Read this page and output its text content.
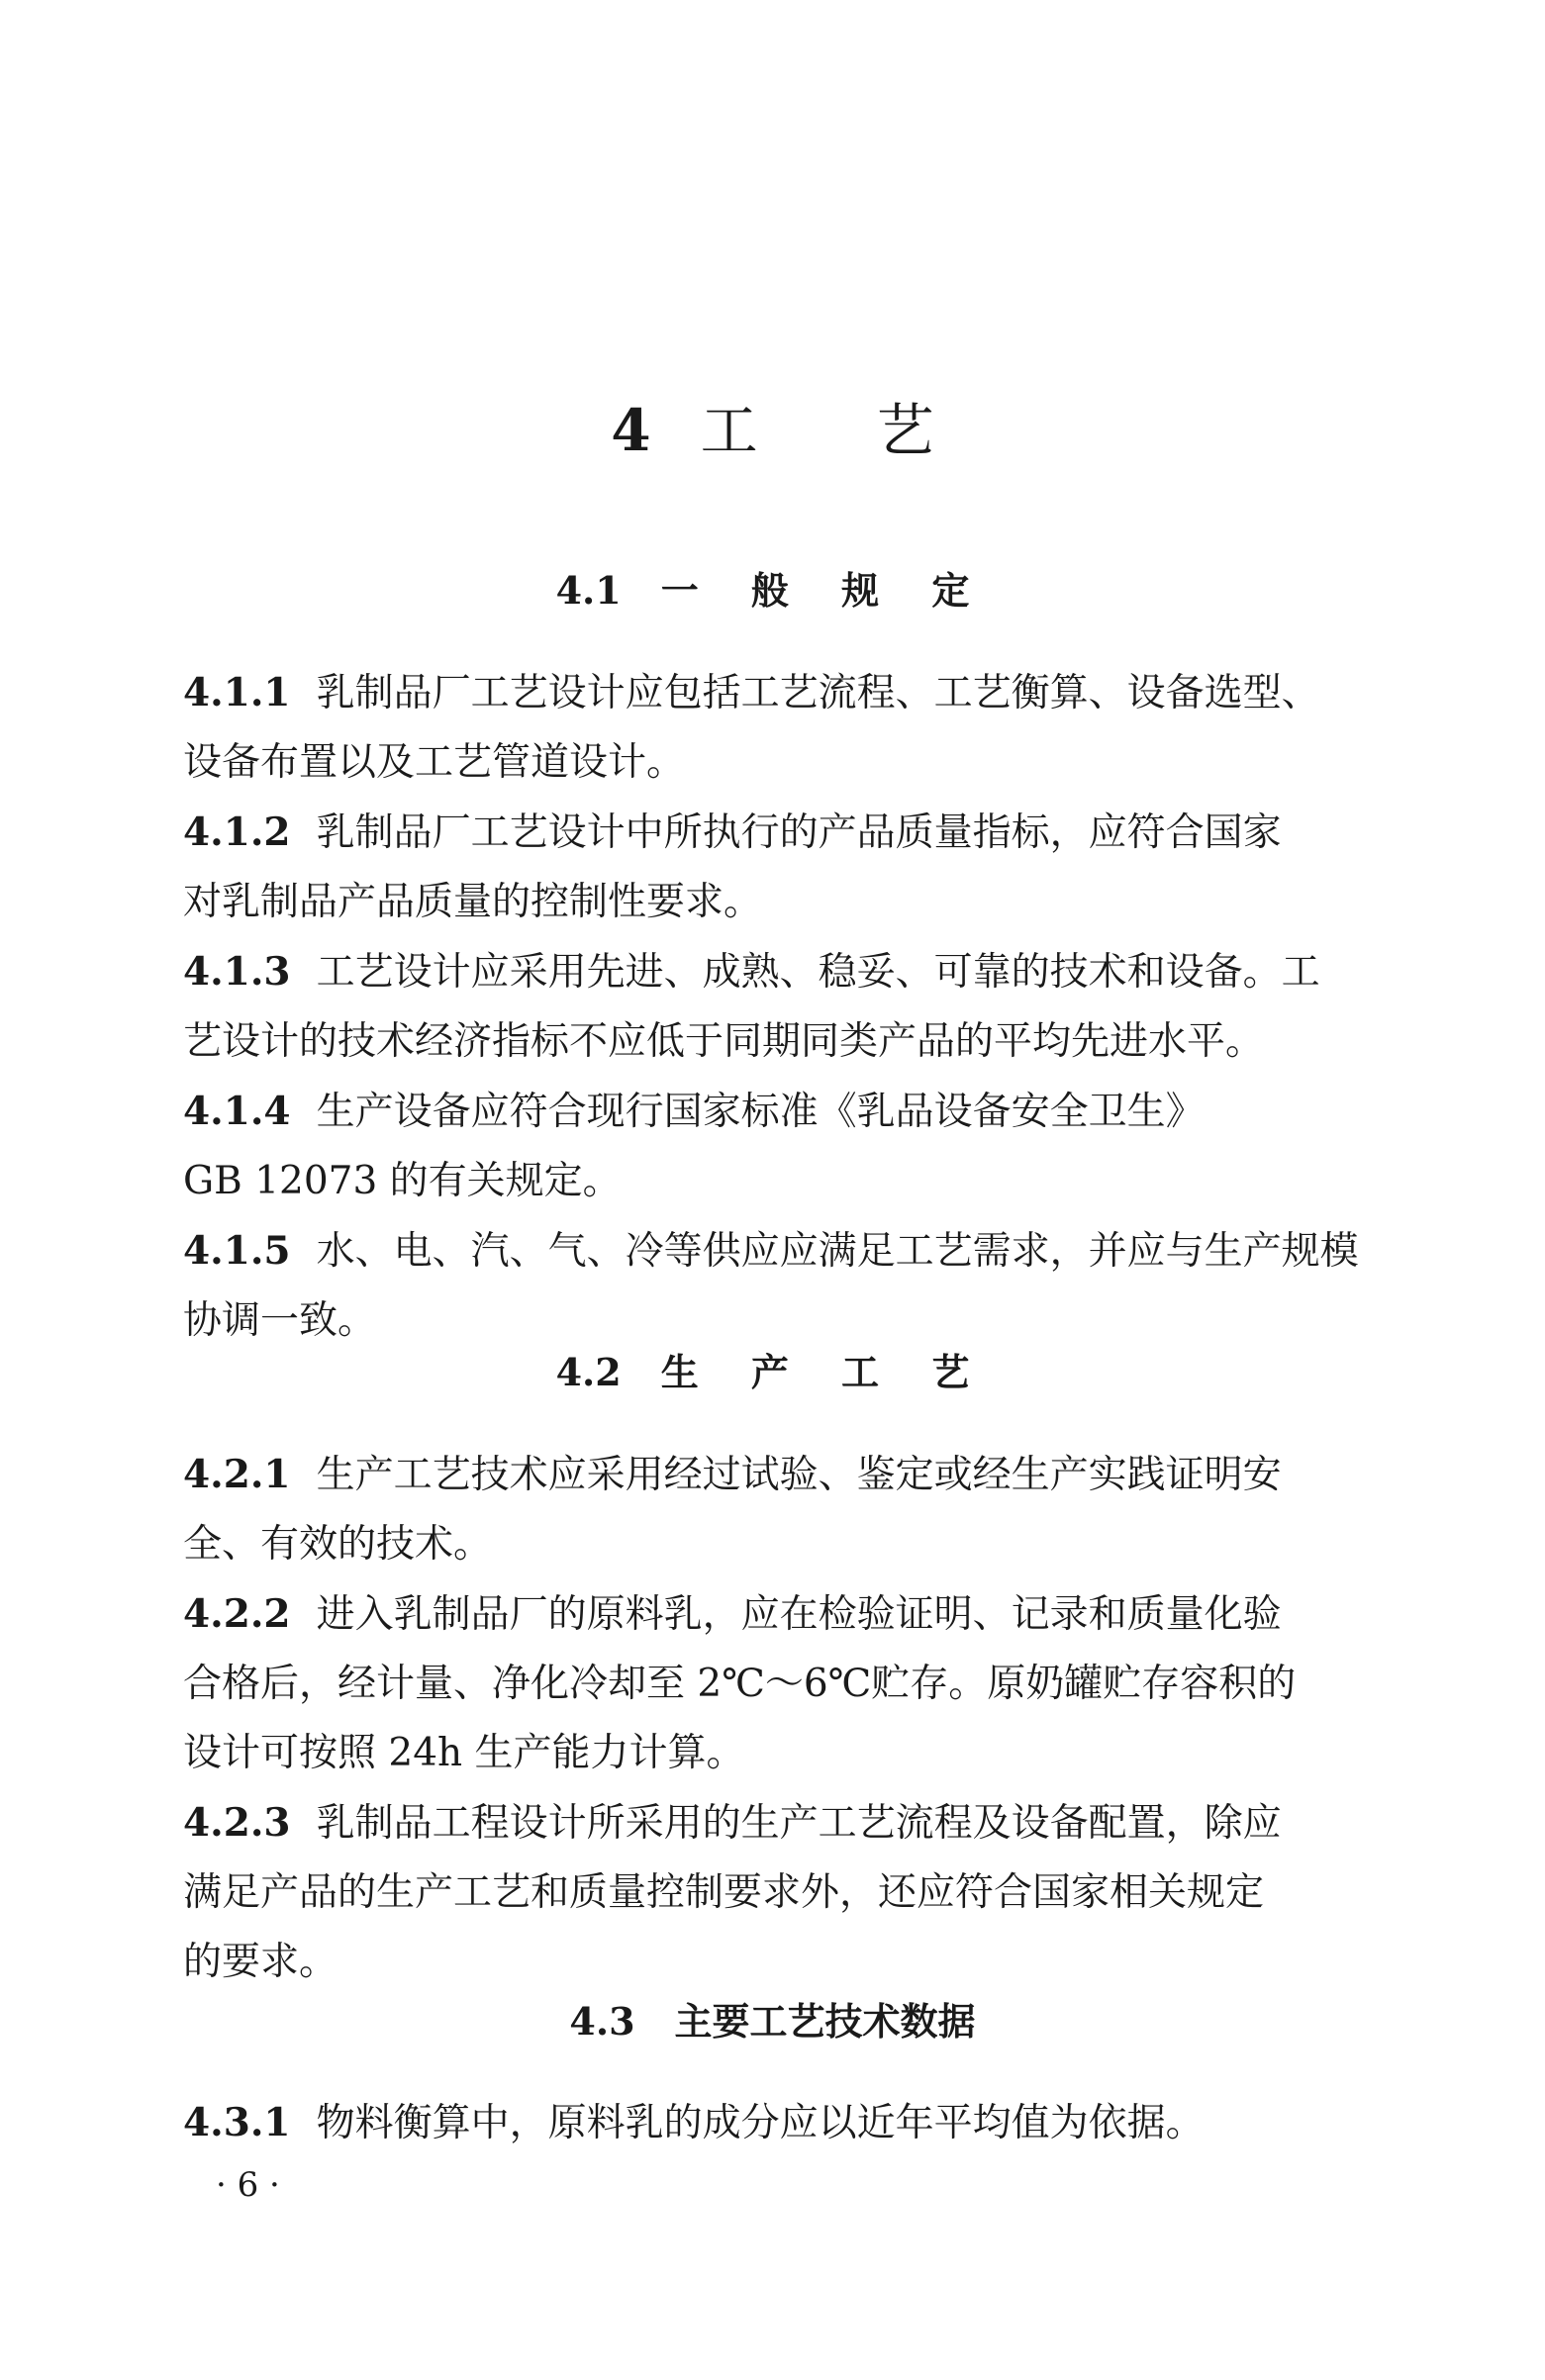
4 工 艺
4.1 一 般 规 定

4.1.1 乳制品厂工艺设计应包括工艺流程、工艺衡算、设备选型、
设备布置以及工艺管道设计。

4.1.2 乳制品厂工艺设计中所执行的产品质量指标，应符合国家
对乳制品产品质量的控制性要求。

4.1.3 工艺设计应采用先进、成熟、稳妥、可靠的技术和设备。工
艺设计的技术经济指标不应低于同期同类产品的平均先进水平。

4.1.4 生产设备应符合现行国家标准《乳品设备安全卫生》
GB 12073 的有关规定。

4.1.5 水、电、汽、气、冷等供应应满足工艺需求，并应与生产规模
协调一致。

4.2 生 产 工 艺

4.2.1 生产工艺技术应采用经过试验、鉴定或经生产实践证明安
全、有效的技术。

4.2.2 进入乳制品厂的原料乳，应在检验证明、记录和质量化验
合格后，经计量、净化冷却至 2℃～6℃贮存。原奶罐贮存容积的
设计可按照 24h 生产能力计算。

4.2.3 乳制品工程设计所采用的生产工艺流程及设备配置，除应
满足产品的生产工艺和质量控制要求外，还应符合国家相关规定
的要求。

4.3 主要工艺技术数据

4.3.1 物料衡算中，原料乳的成分应以近年平均值为依据。

· 6 ·
